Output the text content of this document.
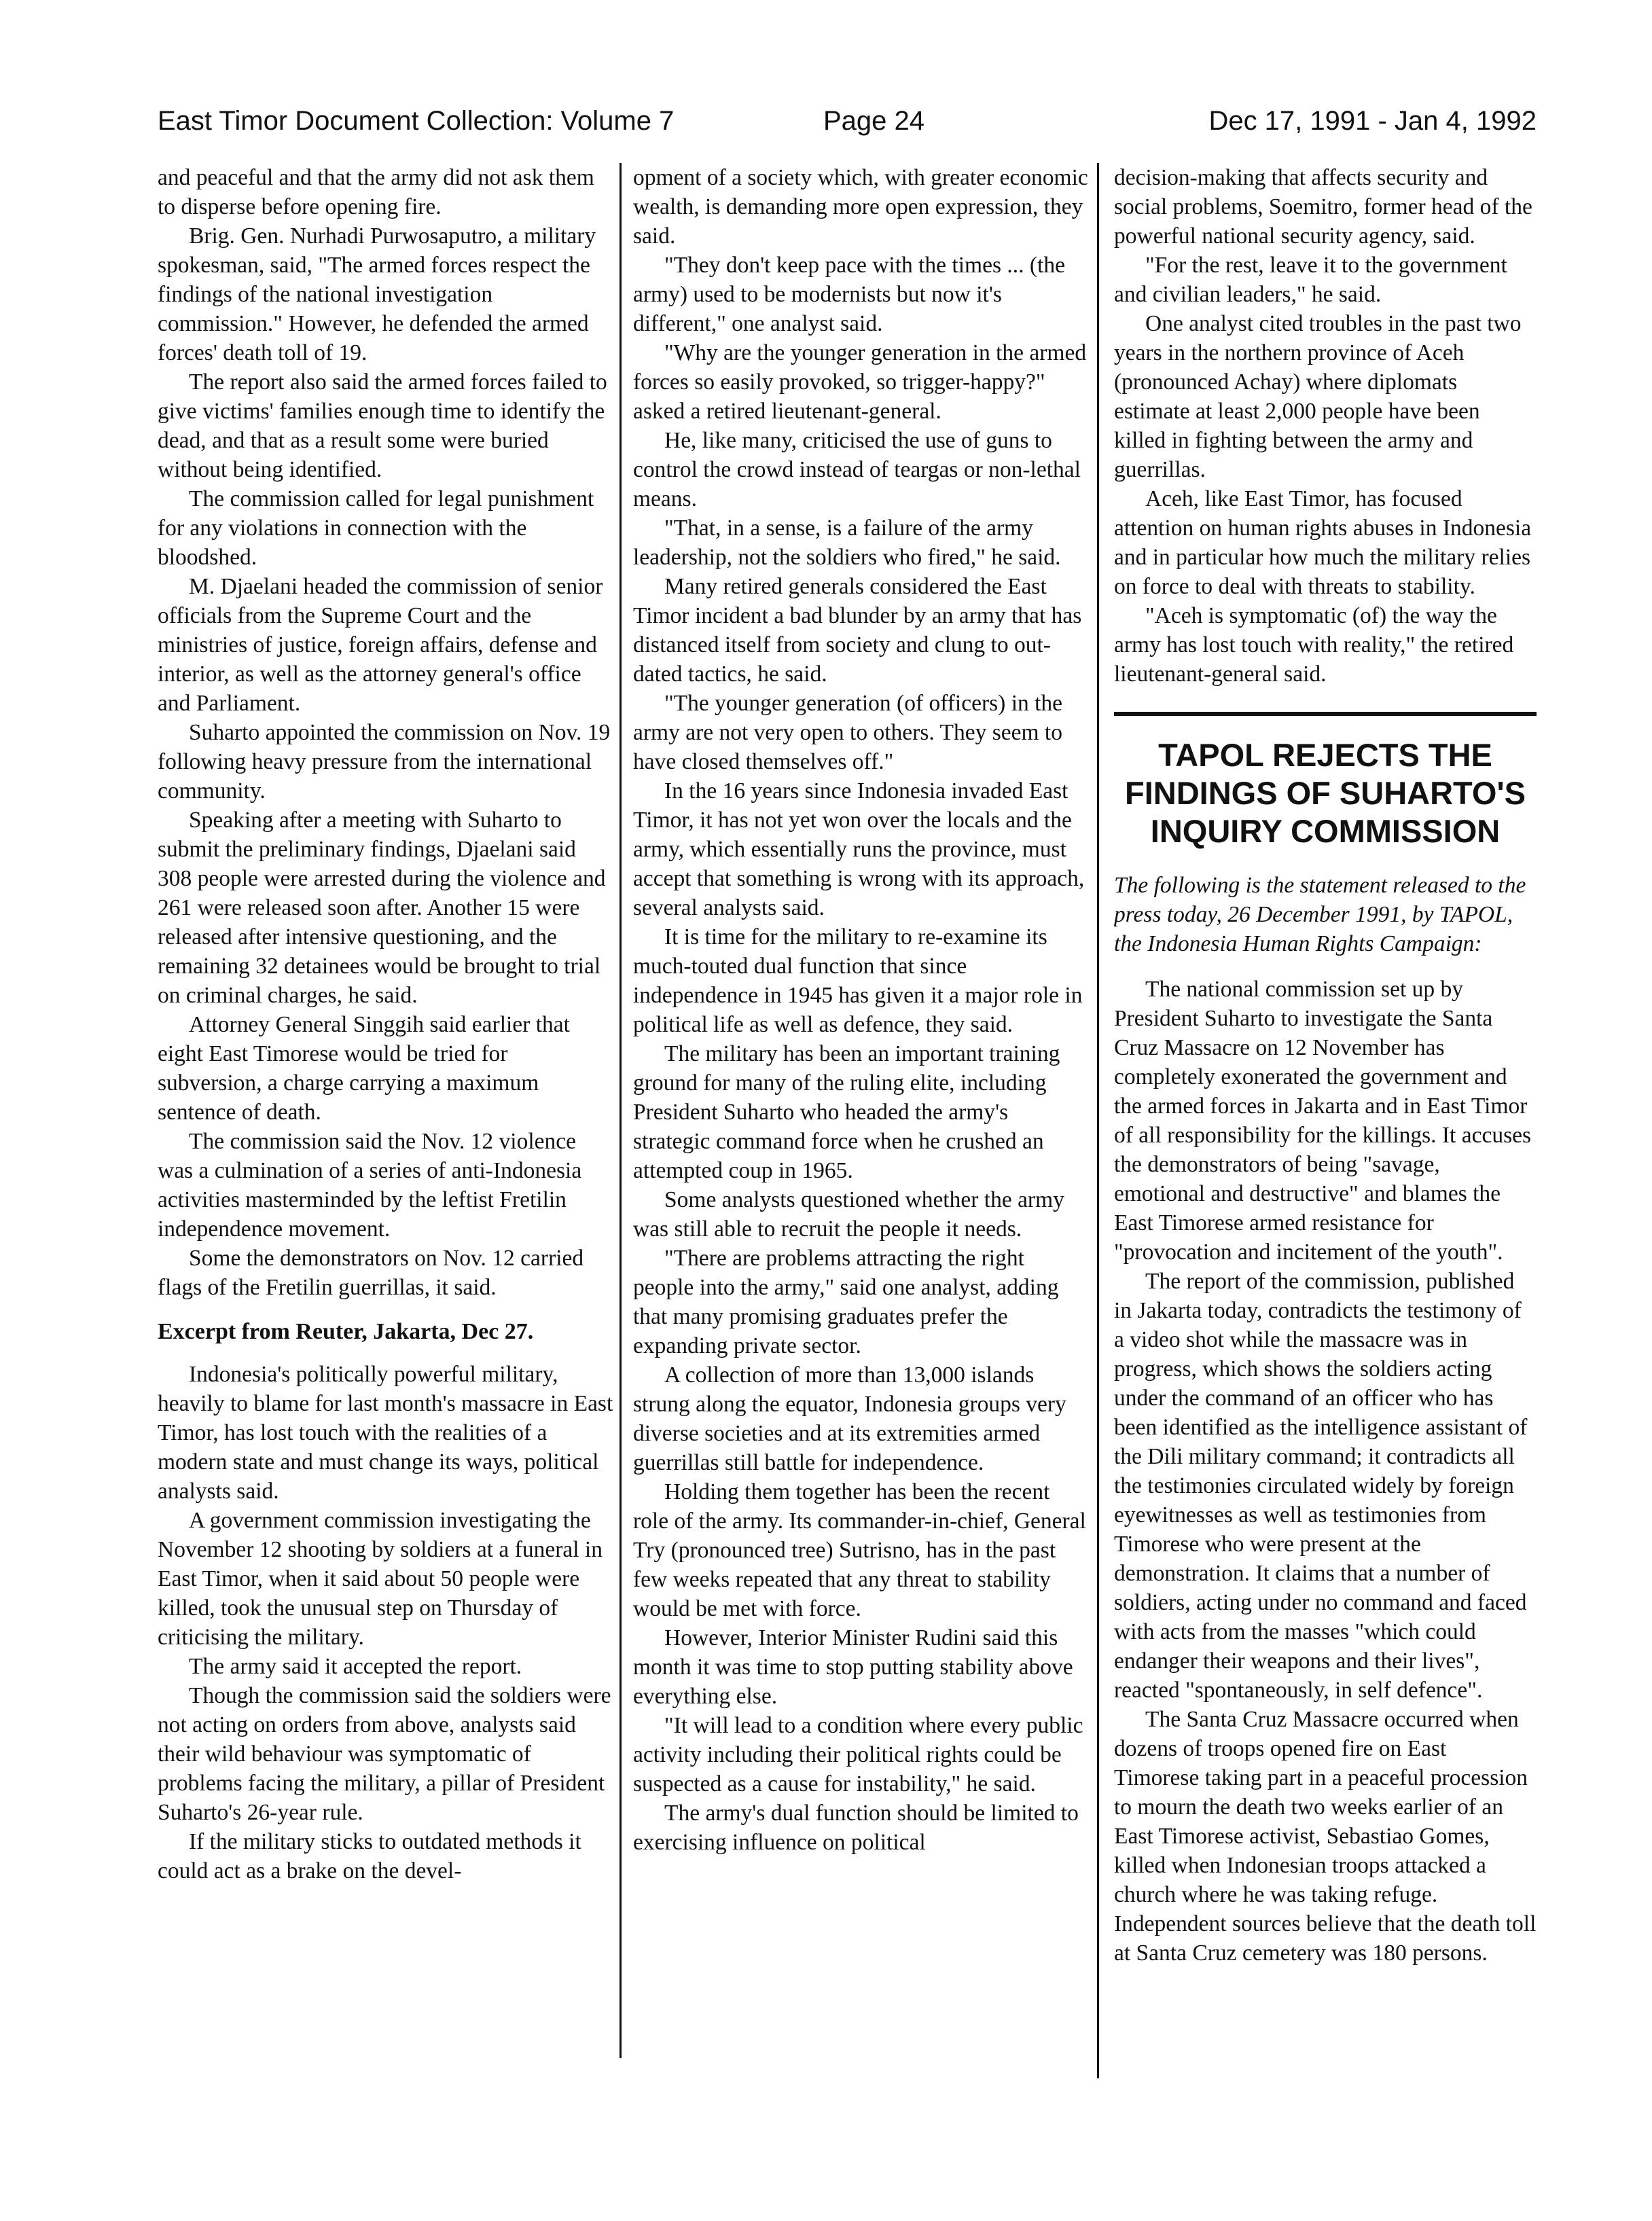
East Timor Document Collection: Volume 7	Page 24	Dec 17, 1991 - Jan 4, 1992

and peaceful and that the army did not ask them to disperse before opening fire.

Brig. Gen. Nurhadi Purwosaputro, a military spokesman, said, "The armed forces respect the findings of the national investigation commission." However, he defended the armed forces' death toll of 19.

The report also said the armed forces failed to give victims' families enough time to identify the dead, and that as a result some were buried without being identified.

The commission called for legal punishment for any violations in connection with the bloodshed.

M. Djaelani headed the commission of senior officials from the Supreme Court and the ministries of justice, foreign affairs, defense and interior, as well as the attorney general's office and Parliament.

Suharto appointed the commission on Nov. 19 following heavy pressure from the international community.

Speaking after a meeting with Suharto to submit the preliminary findings, Djaelani said 308 people were arrested during the violence and 261 were released soon after. Another 15 were released after intensive questioning, and the remaining 32 detainees would be brought to trial on criminal charges, he said.

Attorney General Singgih said earlier that eight East Timorese would be tried for subversion, a charge carrying a maximum sentence of death.

The commission said the Nov. 12 violence was a culmination of a series of anti-Indonesia activities masterminded by the leftist Fretilin independence movement.

Some the demonstrators on Nov. 12 carried flags of the Fretilin guerrillas, it said.

Excerpt from Reuter, Jakarta, Dec 27.

Indonesia's politically powerful military, heavily to blame for last month's massacre in East Timor, has lost touch with the realities of a modern state and must change its ways, political analysts said.

A government commission investigating the November 12 shooting by soldiers at a funeral in East Timor, when it said about 50 people were killed, took the unusual step on Thursday of criticising the military.

The army said it accepted the report.

Though the commission said the soldiers were not acting on orders from above, analysts said their wild behaviour was symptomatic of problems facing the military, a pillar of President Suharto's 26-year rule.

If the military sticks to outdated methods it could act as a brake on the devel-

opment of a society which, with greater economic wealth, is demanding more open expression, they said.

"They don't keep pace with the times ... (the army) used to be modernists but now it's different," one analyst said.

"Why are the younger generation in the armed forces so easily provoked, so trigger-happy?" asked a retired lieutenant-general.

He, like many, criticised the use of guns to control the crowd instead of teargas or non-lethal means.

"That, in a sense, is a failure of the army leadership, not the soldiers who fired," he said.

Many retired generals considered the East Timor incident a bad blunder by an army that has distanced itself from society and clung to out-dated tactics, he said.

"The younger generation (of officers) in the army are not very open to others. They seem to have closed themselves off."

In the 16 years since Indonesia invaded East Timor, it has not yet won over the locals and the army, which essentially runs the province, must accept that something is wrong with its approach, several analysts said.

It is time for the military to re-examine its much-touted dual function that since independence in 1945 has given it a major role in political life as well as defence, they said.

The military has been an important training ground for many of the ruling elite, including President Suharto who headed the army's strategic command force when he crushed an attempted coup in 1965.

Some analysts questioned whether the army was still able to recruit the people it needs.

"There are problems attracting the right people into the army," said one analyst, adding that many promising graduates prefer the expanding private sector.

A collection of more than 13,000 islands strung along the equator, Indonesia groups very diverse societies and at its extremities armed guerrillas still battle for independence.

Holding them together has been the recent role of the army. Its commander-in-chief, General Try (pronounced tree) Sutrisno, has in the past few weeks repeated that any threat to stability would be met with force.

However, Interior Minister Rudini said this month it was time to stop putting stability above everything else.

"It will lead to a condition where every public activity including their political rights could be suspected as a cause for instability," he said.

The army's dual function should be limited to exercising influence on political

decision-making that affects security and social problems, Soemitro, former head of the powerful national security agency, said.

"For the rest, leave it to the government and civilian leaders," he said.

One analyst cited troubles in the past two years in the northern province of Aceh (pronounced Achay) where diplomats estimate at least 2,000 people have been killed in fighting between the army and guerrillas.

Aceh, like East Timor, has focused attention on human rights abuses in Indonesia and in particular how much the military relies on force to deal with threats to stability.

"Aceh is symptomatic (of) the way the army has lost touch with reality," the retired lieutenant-general said.

TAPOL REJECTS THE FINDINGS OF SUHARTO'S INQUIRY COMMISSION

The following is the statement released to the press today, 26 December 1991, by TAPOL, the Indonesia Human Rights Campaign:

The national commission set up by President Suharto to investigate the Santa Cruz Massacre on 12 November has completely exonerated the government and the armed forces in Jakarta and in East Timor of all responsibility for the killings. It accuses the demonstrators of being "savage, emotional and destructive" and blames the East Timorese armed resistance for "provocation and incitement of the youth".

The report of the commission, published in Jakarta today, contradicts the testimony of a video shot while the massacre was in progress, which shows the soldiers acting under the command of an officer who has been identified as the intelligence assistant of the Dili military command; it contradicts all the testimonies circulated widely by foreign eyewitnesses as well as testimonies from Timorese who were present at the demonstration. It claims that a number of soldiers, acting under no command and faced with acts from the masses "which could endanger their weapons and their lives", reacted "spontaneously, in self defence".

The Santa Cruz Massacre occurred when dozens of troops opened fire on East Timorese taking part in a peaceful procession to mourn the death two weeks earlier of an East Timorese activist, Sebastiao Gomes, killed when Indonesian troops attacked a church where he was taking refuge. Independent sources believe that the death toll at Santa Cruz cemetery was 180 persons.
